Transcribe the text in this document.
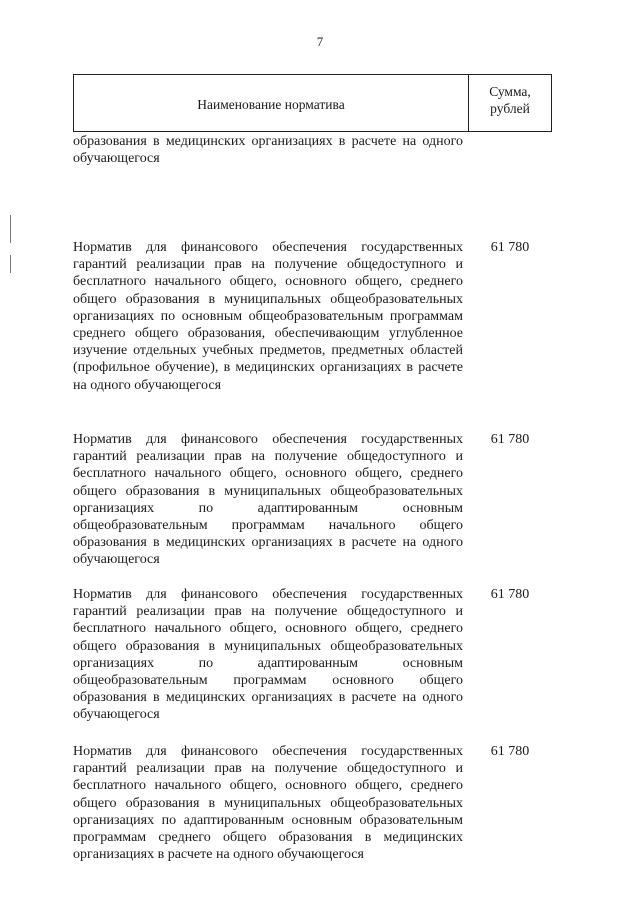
7
Наименование норматива
Сумма,
рублей
образования в медицинских организациях в расчете на одного обучающегося
Норматив для финансового обеспечения государственных гарантий реализации прав на получение общедоступного и бесплатного начального общего, основного общего, среднего общего образования в муниципальных общеобразовательных организациях по основным общеобразовательным программам среднего общего образования, обеспечивающим углубленное изучение отдельных учебных предметов, предметных областей (профильное обучение), в медицинских организациях в расчете на одного обучающегося
61 780
Норматив для финансового обеспечения государственных гарантий реализации прав на получение общедоступного и бесплатного начального общего, основного общего, среднего общего образования в муниципальных общеобразовательных организациях по адаптированным основным общеобразовательным программам начального общего образования в медицинских организациях в расчете на одного обучающегося
61 780
Норматив для финансового обеспечения государственных гарантий реализации прав на получение общедоступного и бесплатного начального общего, основного общего, среднего общего образования в муниципальных общеобразовательных организациях по адаптированным основным общеобразовательным программам основного общего образования в медицинских организациях в расчете на одного обучающегося
61 780
Норматив для финансового обеспечения государственных гарантий реализации прав на получение общедоступного и бесплатного начального общего, основного общего, среднего общего образования в муниципальных общеобразовательных организациях по адаптированным основным образовательным программам среднего общего образования в медицинских организациях в расчете на одного обучающегося
61 780
